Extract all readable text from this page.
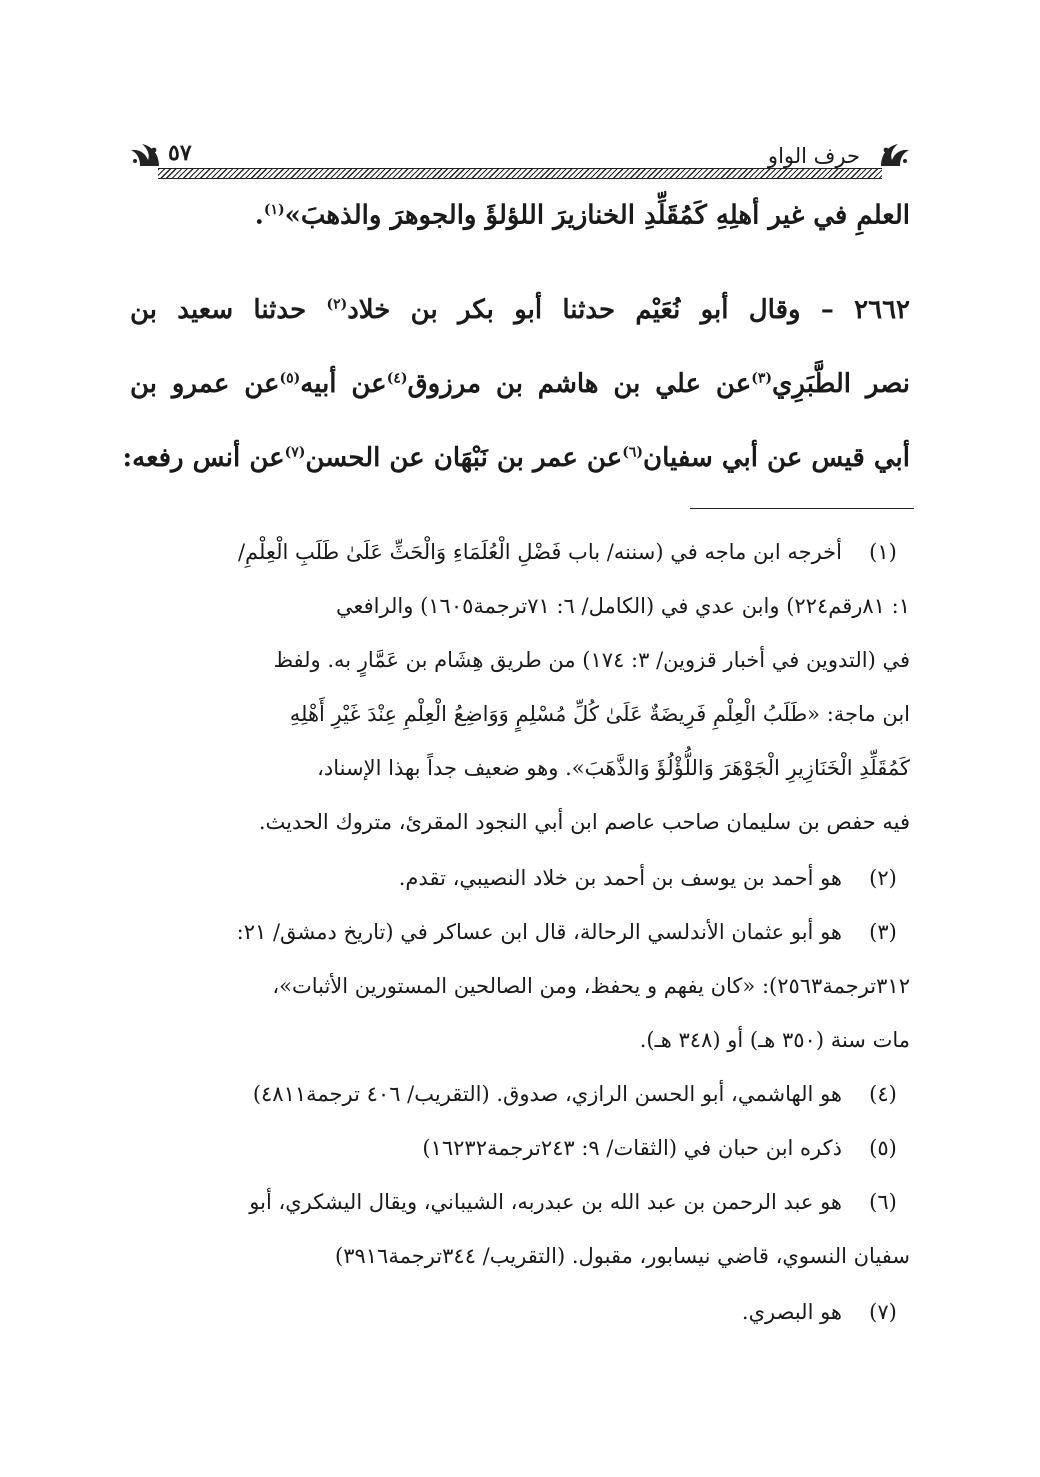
حرف الواو
٥٧
العلمِ في غير أهلِهِ كَمُقَلِّدِ الخنازيرَ اللؤلؤَ والجوهرَ والذهبَ»$^{(١)}$.
٢٦٦٢ – وقال أبو نُعَيْم حدثنا أبو بكر بن خلاد$^{(٢)}$ حدثنا سعيد بن
نصر الطَّبَرِي$^{(٣)}$عن علي بن هاشم بن مرزوق$^{(٤)}$عن أبيه$^{(٥)}$عن عمرو بن
أبي قيس عن أبي سفيان$^{(٦)}$عن عمر بن نَبْهَان عن الحسن$^{(٧)}$عن أنس رفعه:
(١)
أخرجه ابن ماجه في (سننه/ باب فَضْلِ الْعُلَمَاءِ وَالْحَثِّ عَلَىٰ طَلَبِ الْعِلْمِ/
١: ٨١رقم٢٢٤) وابن عدي في (الكامل/ ٦: ٧١ترجمة١٦٠٥) والرافعي
في (التدوين في أخبار قزوين/ ٣: ١٧٤) من طريق هِشَام بن عَمَّارٍ به. ولفظ
ابن ماجة: «طَلَبُ الْعِلْمِ فَرِيضَةٌ عَلَىٰ كُلِّ مُسْلِمٍ وَوَاضِعُ الْعِلْمِ عِنْدَ غَيْرِ أَهْلِهِ
كَمُقَلِّدِ الْخَنَازِيرِ الْجَوْهَرَ وَاللُّؤْلُؤَ وَالذَّهَبَ». وهو ضعيف جداً بهذا الإسناد،
فيه حفص بن سليمان صاحب عاصم ابن أبي النجود المقرئ، متروك الحديث.
(٢)
هو أحمد بن يوسف بن أحمد بن خلاد النصيبي، تقدم.
(٣)
هو أبو عثمان الأندلسي الرحالة، قال ابن عساكر في (تاريخ دمشق/ ٢١:
٣١٢ترجمة٢٥٦٣): «كان يفهم و يحفظ، ومن الصالحين المستورين الأثبات»،
مات سنة (٣٥٠ هـ) أو (٣٤٨ هـ).
(٤)
هو الهاشمي، أبو الحسن الرازي، صدوق. (التقريب/ ٤٠٦ ترجمة٤٨١١)
(٥)
ذكره ابن حبان في (الثقات/ ٩: ٢٤٣ترجمة١٦٢٣٢)
(٦)
هو عبد الرحمن بن عبد الله بن عبدربه، الشيباني، ويقال اليشكري، أبو
سفيان النسوي، قاضي نيسابور، مقبول. (التقريب/ ٣٤٤ترجمة٣٩١٦)
(٧)
هو البصري.
